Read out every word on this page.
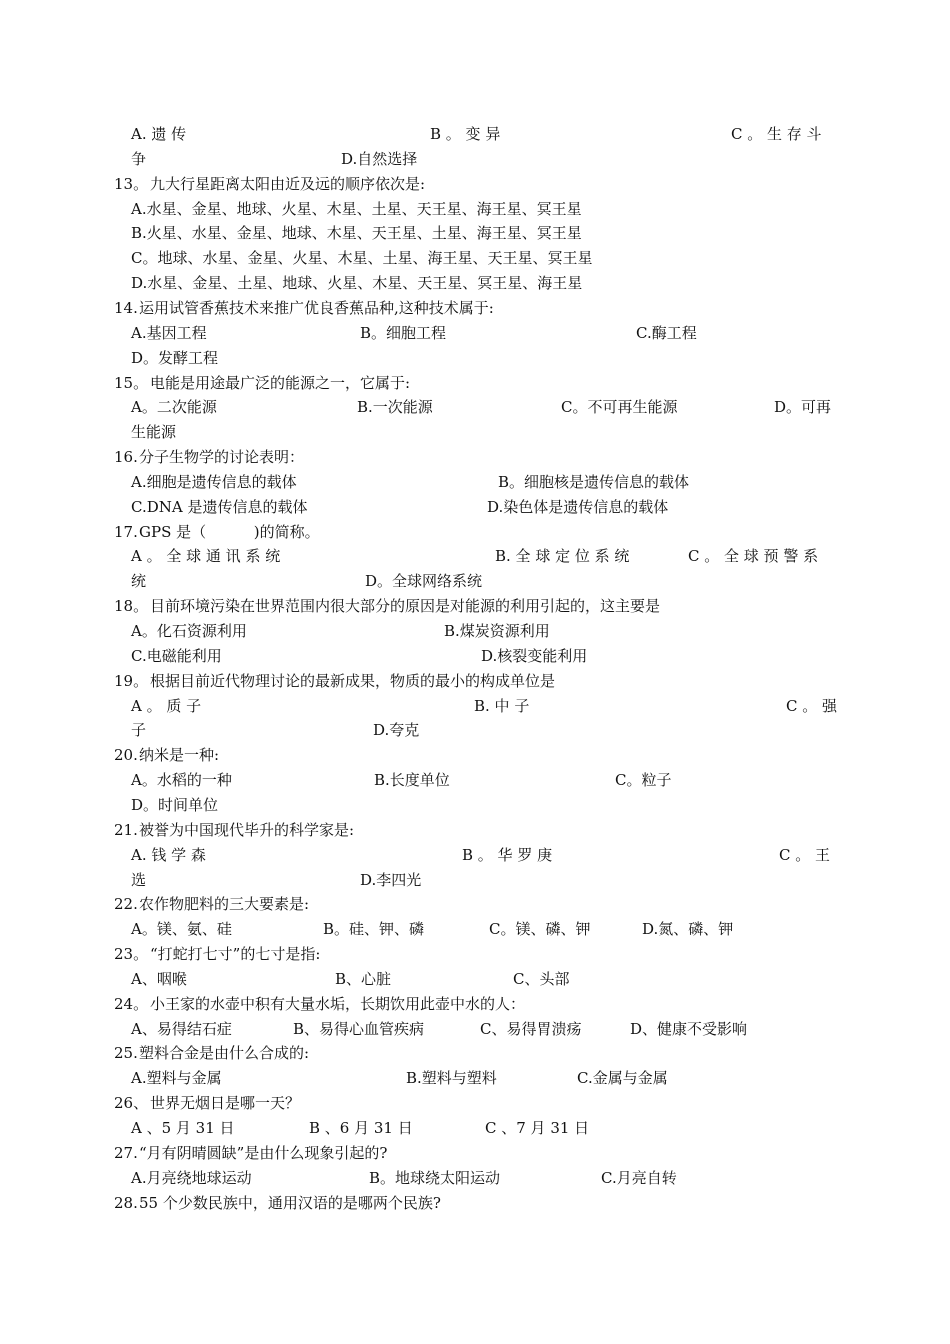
A. 遗 传	B 。 变 异	C 。 生 存 斗
争	D.自然选择
13。 九大行星距离太阳由近及远的顺序依次是:
A.水星、金星、地球、火星、木星、土星、天王星、海王星、冥王星
B.火星、水星、金星、地球、木星、天王星、土星、海王星、冥王星
C。地球、水星、金星、火星、木星、土星、海王星、天王星、冥王星
D.水星、金星、土星、地球、火星、木星、天王星、冥王星、海王星
14. 运用试管香蕉技术来推广优良香蕉品种,这种技术属于:
A.基因工程	B。细胞工程	C.酶工程
D。发酵工程
15。 电能是用途最广泛的能源之一，它属于:
A。二次能源	B.一次能源	C。不可再生能源	D。可再
生能源
16. 分子生物学的讨论表明：
A.细胞是遗传信息的载体	B。细胞核是遗传信息的载体
C.DNA 是遗传信息的载体	D.染色体是遗传信息的载体
17. GPS 是（          )的简称。
A 。 全 球 通 讯 系 统	B. 全 球 定 位 系 统	C 。 全 球 预 警 系
统	D。全球网络系统
18。 目前环境污染在世界范围内很大部分的原因是对能源的利用引起的，这主要是
A。化石资源利用	B.煤炭资源利用
C.电磁能利用	D.核裂变能利用
19。 根据目前近代物理讨论的最新成果，物质的最小的构成单位是
A 。 质 子	B. 中 子	C 。 强
子	D.夸克
20. 纳米是一种:
A。水稻的一种	B.长度单位	C。粒子
D。时间单位
21. 被誉为中国现代毕升的科学家是:
A. 钱 学 森	B 。 华 罗 庚	C 。 王
选	D.李四光
22. 农作物肥料的三大要素是:
A。镁、氨、硅	B。硅、钾、磷	C。镁、磷、钾	D.氮、磷、钾
23。 “打蛇打七寸”的七寸是指:
A、咽喉	B、心脏	C、头部
24。 小王家的水壶中积有大量水垢，长期饮用此壶中水的人：
A、易得结石症	B、易得心血管疾病	C、易得胃溃疡	D、健康不受影响
25. 塑料合金是由什么合成的:
A.塑料与金属	B.塑料与塑料	C.金属与金属
26、 世界无烟日是哪一天？
A 、5 月 31 日	B 、6 月 31 日	C 、7 月 31 日
27. “月有阴晴圆缺”是由什么现象引起的?
A.月亮绕地球运动	B。地球绕太阳运动	C.月亮自转
28. 55 个少数民族中，通用汉语的是哪两个民族?
